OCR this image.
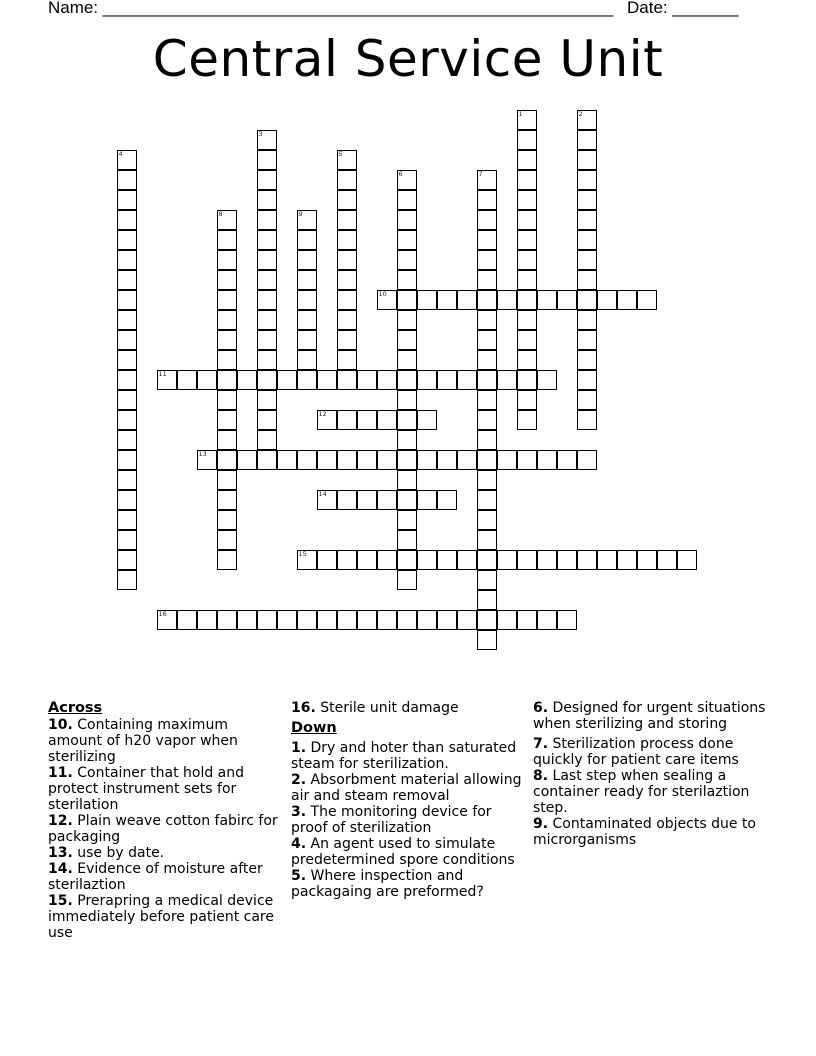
Name: ______________________________________________________ Date: _______
Central Service Unit
1	2
3
4	5
6	7
8	9
10
11
12
13
14
15
16
Across
10. Containing maximum amount of h20 vapor when sterilizing
11. Container that hold and protect instrument sets for sterilation
12. Plain weave cotton fabirc for packaging
13. use by date.
14. Evidence of moisture after sterilaztion
15. Prerapring a medical device immediately before patient care use
16. Sterile unit damage
Down
1. Dry and hoter than saturated steam for sterilization.
2. Absorbment material allowing air and steam removal
3. The monitoring device for proof of sterilization
4. An agent used to simulate predetermined spore conditions
5. Where inspection and packagaing are preformed?
6. Designed for urgent situations when sterilizing and storing
7. Sterilization process done quickly for patient care items
8. Last step when sealing a container ready for sterilaztion step.
9. Contaminated objects due to microrganisms
